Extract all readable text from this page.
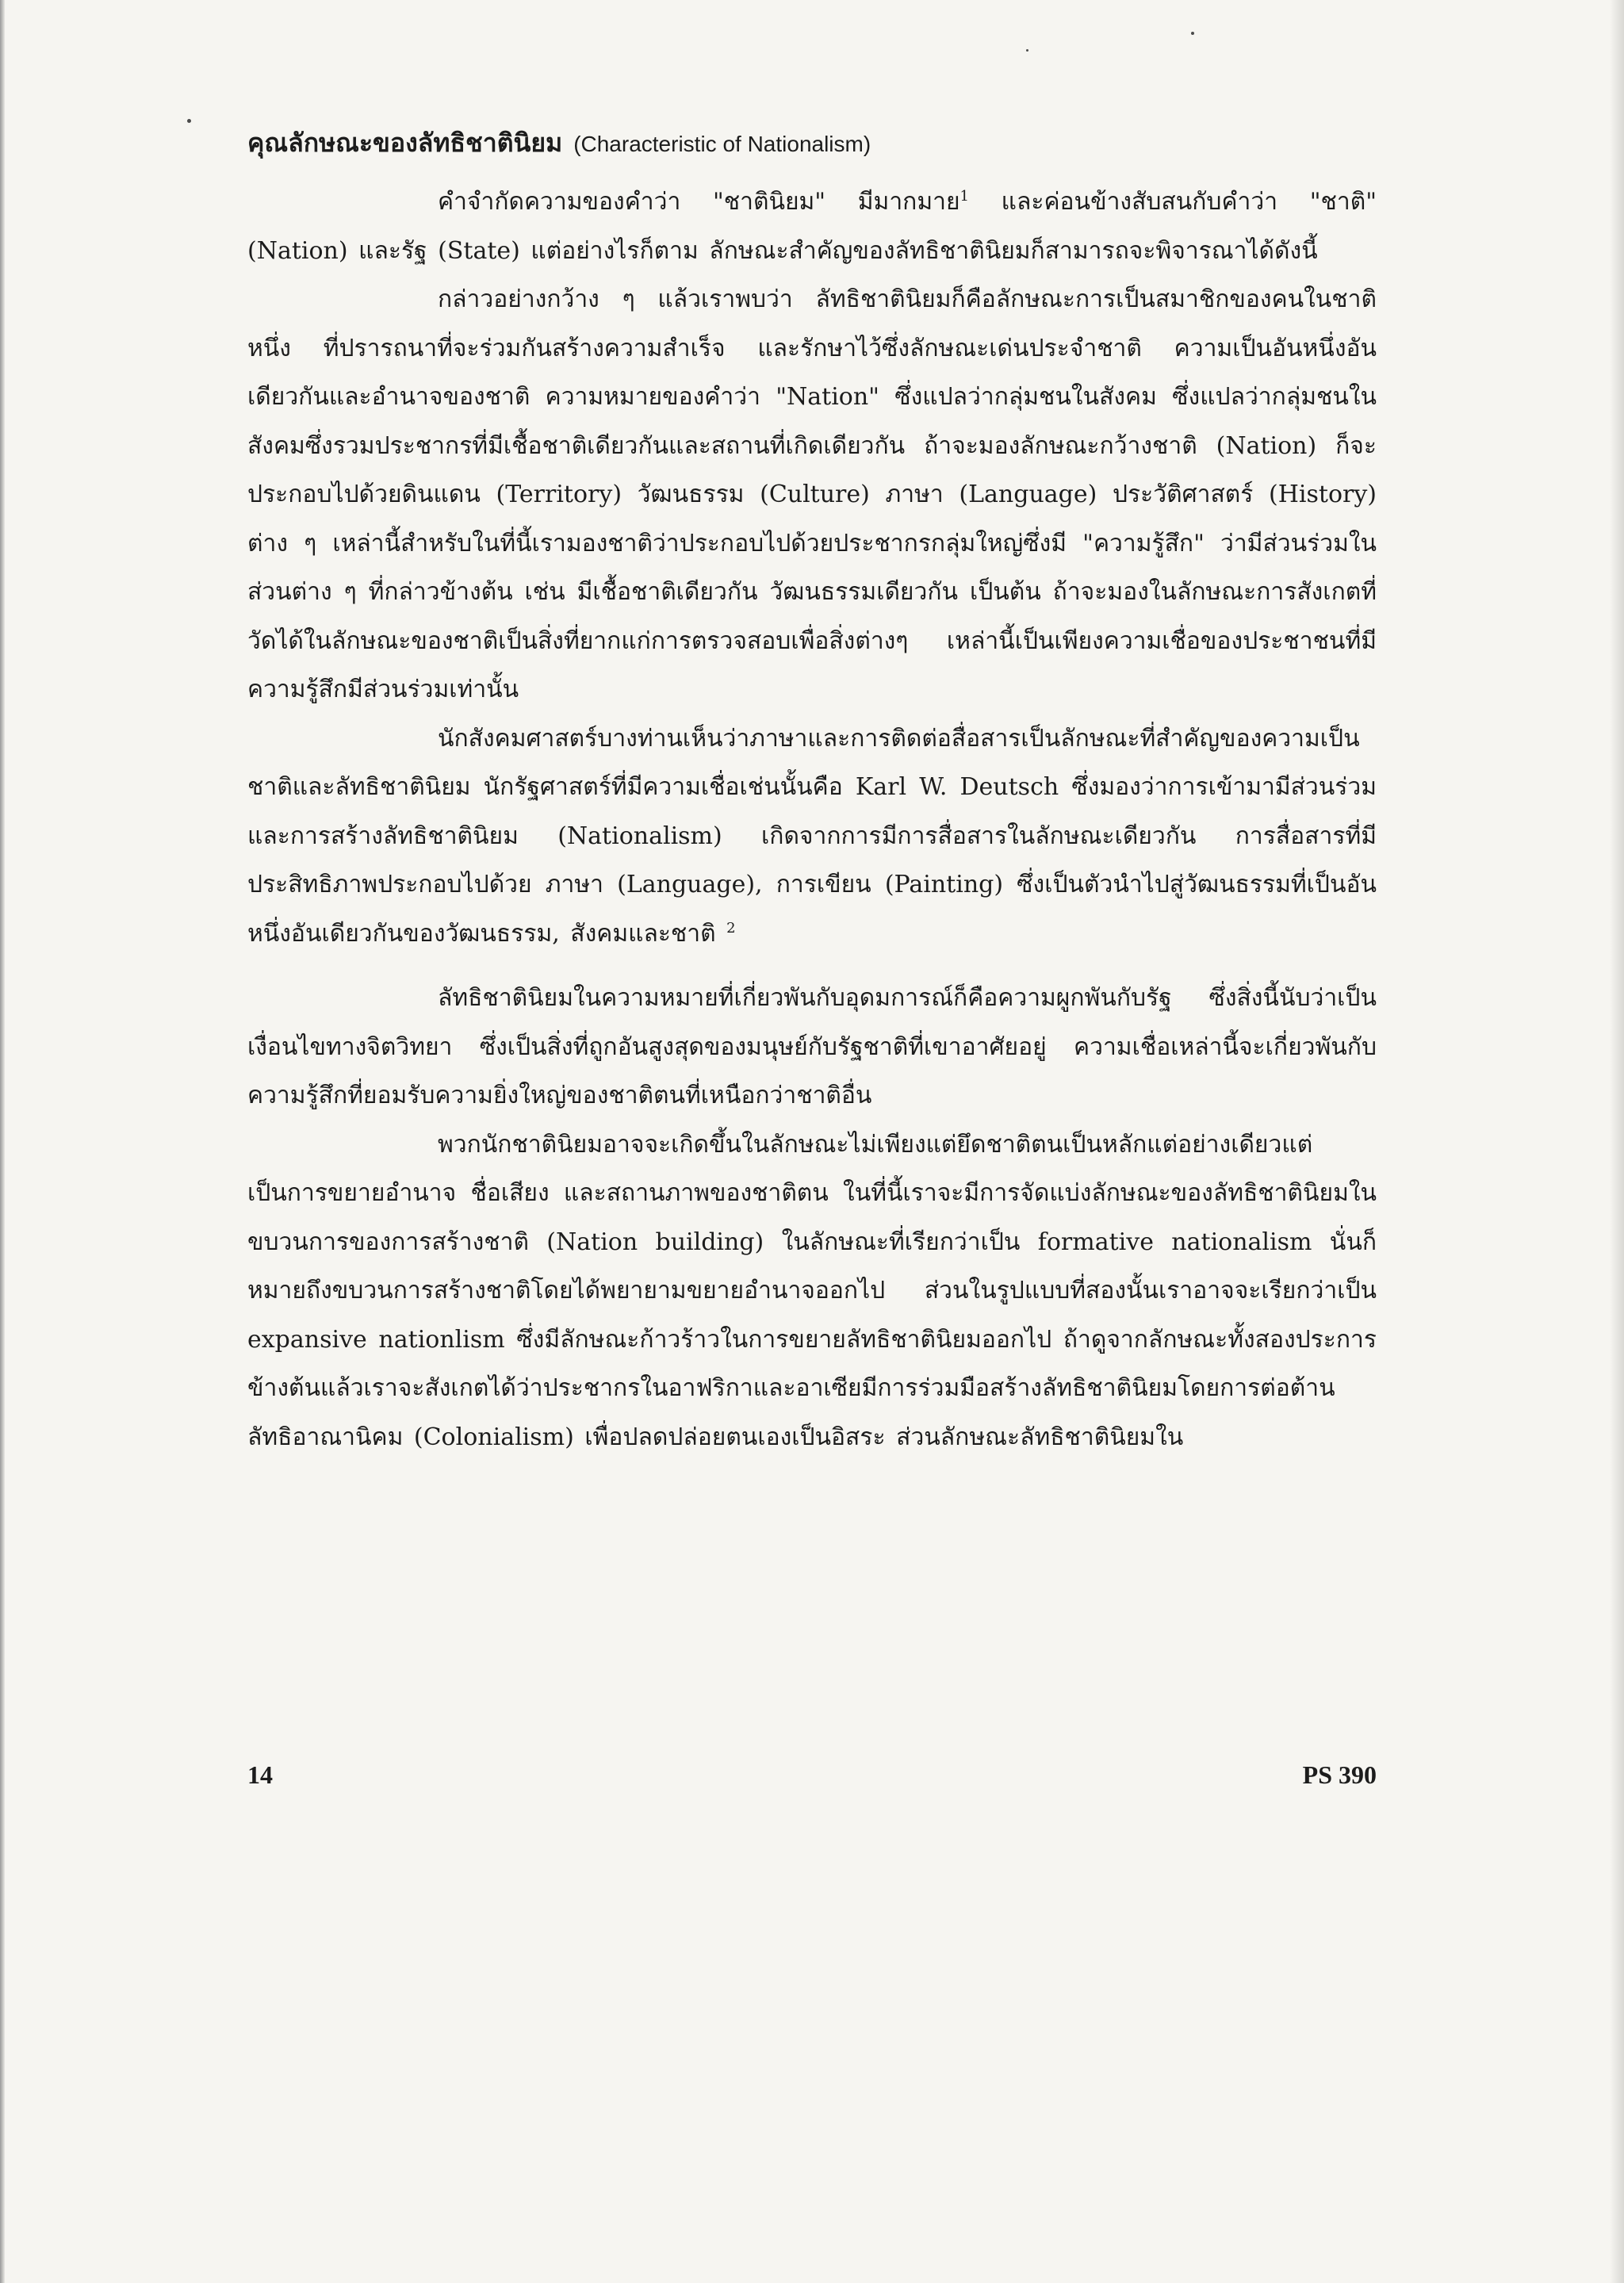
คุณลักษณะของลัทธิชาตินิยม (Characteristic of Nationalism)

คำจำกัดความของคำว่า "ชาตินิยม" มีมากมาย$^1$ และค่อนข้างสับสนกับคำว่า "ชาติ"(Nation) และรัฐ (State) แต่อย่างไรก็ตาม ลักษณะสำคัญของลัทธิชาตินิยมก็สามารถจะพิจารณาได้ดังนี้

กล่าวอย่างกว้าง ๆ แล้วเราพบว่า ลัทธิชาตินิยมก็คือลักษณะการเป็นสมาชิกของคนในชาติหนึ่ง ที่ปรารถนาที่จะร่วมกันสร้างความสำเร็จ และรักษาไว้ซึ่งลักษณะเด่นประจำชาติ ความเป็นอันหนึ่งอันเดียวกันและอำนาจของชาติ ความหมายของคำว่า "Nation" ซึ่งแปลว่ากลุ่มชนในสังคม ซึ่งแปลว่ากลุ่มชนในสังคมซึ่งรวมประชากรที่มีเชื้อชาติเดียวกันและสถานที่เกิดเดียวกัน ถ้าจะมองลักษณะกว้างชาติ (Nation) ก็จะประกอบไปด้วยดินแดน (Territory) วัฒนธรรม (Culture) ภาษา (Language) ประวัติศาสตร์ (History) ต่าง ๆ เหล่านี้สำหรับในที่นี้เรามองชาติว่าประกอบไปด้วยประชากรกลุ่มใหญ่ซึ่งมี "ความรู้สึก" ว่ามีส่วนร่วมในส่วนต่าง ๆ ที่กล่าวข้างต้น เช่น มีเชื้อชาติเดียวกัน วัฒนธรรมเดียวกัน เป็นต้น ถ้าจะมองในลักษณะการสังเกตที่วัดได้ในลักษณะของชาติเป็นสิ่งที่ยากแก่การตรวจสอบเพื่อสิ่งต่างๆ เหล่านี้เป็นเพียงความเชื่อของประชาชนที่มีความรู้สึกมีส่วนร่วมเท่านั้น

นักสังคมศาสตร์บางท่านเห็นว่าภาษาและการติดต่อสื่อสารเป็นลักษณะที่สำคัญของความเป็นชาติและลัทธิชาตินิยม นักรัฐศาสตร์ที่มีความเชื่อเช่นนั้นคือ Karl W. Deutsch ซึ่งมองว่าการเข้ามามีส่วนร่วมและการสร้างลัทธิชาตินิยม (Nationalism) เกิดจากการมีการสื่อสารในลักษณะเดียวกัน การสื่อสารที่มีประสิทธิภาพประกอบไปด้วย ภาษา (Language), การเขียน (Painting) ซึ่งเป็นตัวนำไปสู่วัฒนธรรมที่เป็นอันหนึ่งอันเดียวกันของวัฒนธรรม, สังคมและชาติ $^2$

ลัทธิชาตินิยมในความหมายที่เกี่ยวพันกับอุดมการณ์ก็คือความผูกพันกับรัฐ ซึ่งสิ่งนี้นับว่าเป็นเงื่อนไขทางจิตวิทยา ซึ่งเป็นสิ่งที่ถูกอันสูงสุดของมนุษย์กับรัฐชาติที่เขาอาศัยอยู่ ความเชื่อเหล่านี้จะเกี่ยวพันกับความรู้สึกที่ยอมรับความยิ่งใหญ่ของชาติตนที่เหนือกว่าชาติอื่น

พวกนักชาตินิยมอาจจะเกิดขึ้นในลักษณะไม่เพียงแต่ยึดชาติตนเป็นหลักแต่อย่างเดียวแต่เป็นการขยายอำนาจ ชื่อเสียง และสถานภาพของชาติตน ในที่นี้เราจะมีการจัดแบ่งลักษณะของลัทธิชาตินิยมในขบวนการของการสร้างชาติ (Nation building) ในลักษณะที่เรียกว่าเป็น formative nationalism นั่นก็หมายถึงขบวนการสร้างชาติโดยได้พยายามขยายอำนาจออกไป ส่วนในรูปแบบที่สองนั้นเราอาจจะเรียกว่าเป็น expansive nationlism ซึ่งมีลักษณะก้าวร้าวในการขยายลัทธิชาตินิยมออกไป ถ้าดูจากลักษณะทั้งสองประการข้างต้นแล้วเราจะสังเกตได้ว่าประชากรในอาฟริกาและอาเซียมีการร่วมมือสร้างลัทธิชาตินิยมโดยการต่อต้านลัทธิอาณานิคม (Colonialism) เพื่อปลดปล่อยตนเองเป็นอิสระ ส่วนลักษณะลัทธิชาตินิยมใน

14	PS 390
